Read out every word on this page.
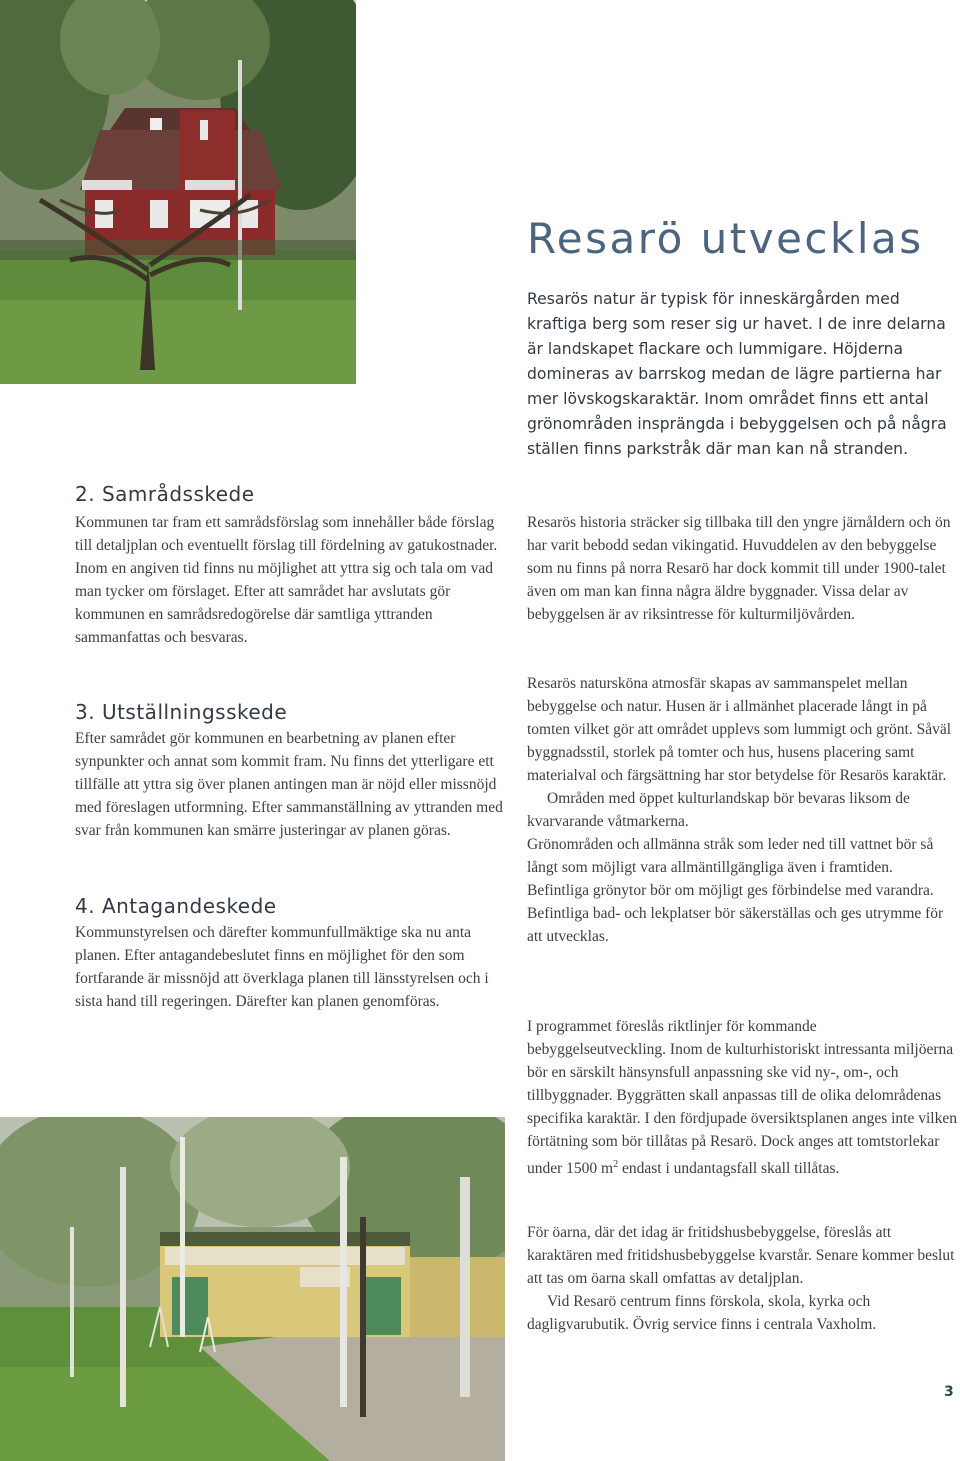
2. Samrådsskede

Kommunen tar fram ett samrådsförslag som innehåller både förslag till detaljplan och eventuellt förslag till fördelning av gatukostnader. Inom en angiven tid finns nu möjlighet att yttra sig och tala om vad man tycker om förslaget. Efter att samrådet har avslutats gör kommunen en samrådsredogörelse där samtliga yttranden sammanfattas och besvaras.

3. Utställningsskede

Efter samrådet gör kommunen en bearbetning av planen efter synpunkter och annat som kommit fram. Nu finns det ytterligare ett tillfälle att yttra sig över planen antingen man är nöjd eller missnöjd med föreslagen utformning. Efter sammanställning av yttranden med svar från kommunen kan smärre justeringar av planen göras.

4. Antagandeskede

Kommunstyrelsen och därefter kommunfullmäktige ska nu anta planen. Efter antagandebeslutet finns en möjlighet för den som fortfarande är missnöjd att överklaga planen till länsstyrelsen och i sista hand till regeringen. Därefter kan planen genomföras.

Resarö utvecklas

Resarös natur är typisk för inneskärgården med kraftiga berg som reser sig ur havet. I de inre delarna är landskapet flackare och lummigare. Höjderna domineras av barrskog medan de lägre partierna har mer lövskogskaraktär. Inom området finns ett antal grönområden insprängda i bebyggelsen och på några ställen finns parkstråk där man kan nå stranden.

Resarös historia sträcker sig tillbaka till den yngre järnåldern och ön har varit bebodd sedan vikingatid. Huvuddelen av den bebyggelse som nu finns på norra Resarö har dock kommit till under 1900-talet även om man kan finna några äldre byggnader. Vissa delar av bebyggelsen är av riksintresse för kulturmiljövården.

Resarös natursköna atmosfär skapas av sammanspelet mellan bebyggelse och natur. Husen är i allmänhet placerade långt in på tomten vilket gör att området upplevs som lummigt och grönt. Såväl byggnadsstil, storlek på tomter och hus, husens placering samt materialval och färgsättning har stor betydelse för Resarös karaktär.

Områden med öppet kulturlandskap bör bevaras liksom de kvarvarande våtmarkerna.

Grönområden och allmänna stråk som leder ned till vattnet bör så långt som möjligt vara allmäntillgängliga även i framtiden. Befintliga grönytor bör om möjligt ges förbindelse med varandra. Befintliga bad- och lekplatser bör säkerställas och ges utrymme för att utvecklas.

I programmet föreslås riktlinjer för kommande bebyggelseutveckling. Inom de kulturhistoriskt intressanta miljöerna bör en särskilt hänsynsfull anpassning ske vid ny-, om-, och tillbyggnader. Byggrätten skall anpassas till de olika delområdenas specifika karaktär. I den fördjupade översiktsplanen anges inte vilken förtätning som bör tillåtas på Resarö. Dock anges att tomtstorlekar under 1500 $m^2$ endast i undantagsfall skall tillåtas.

För öarna, där det idag är fritidshusbebyggelse, föreslås att karaktären med fritidshusbebyggelse kvarstår. Senare kommer beslut att tas om öarna skall omfattas av detaljplan.

Vid Resarö centrum finns förskola, skola, kyrka och dagligvarubutik. Övrig service finns i centrala Vaxholm.

3
